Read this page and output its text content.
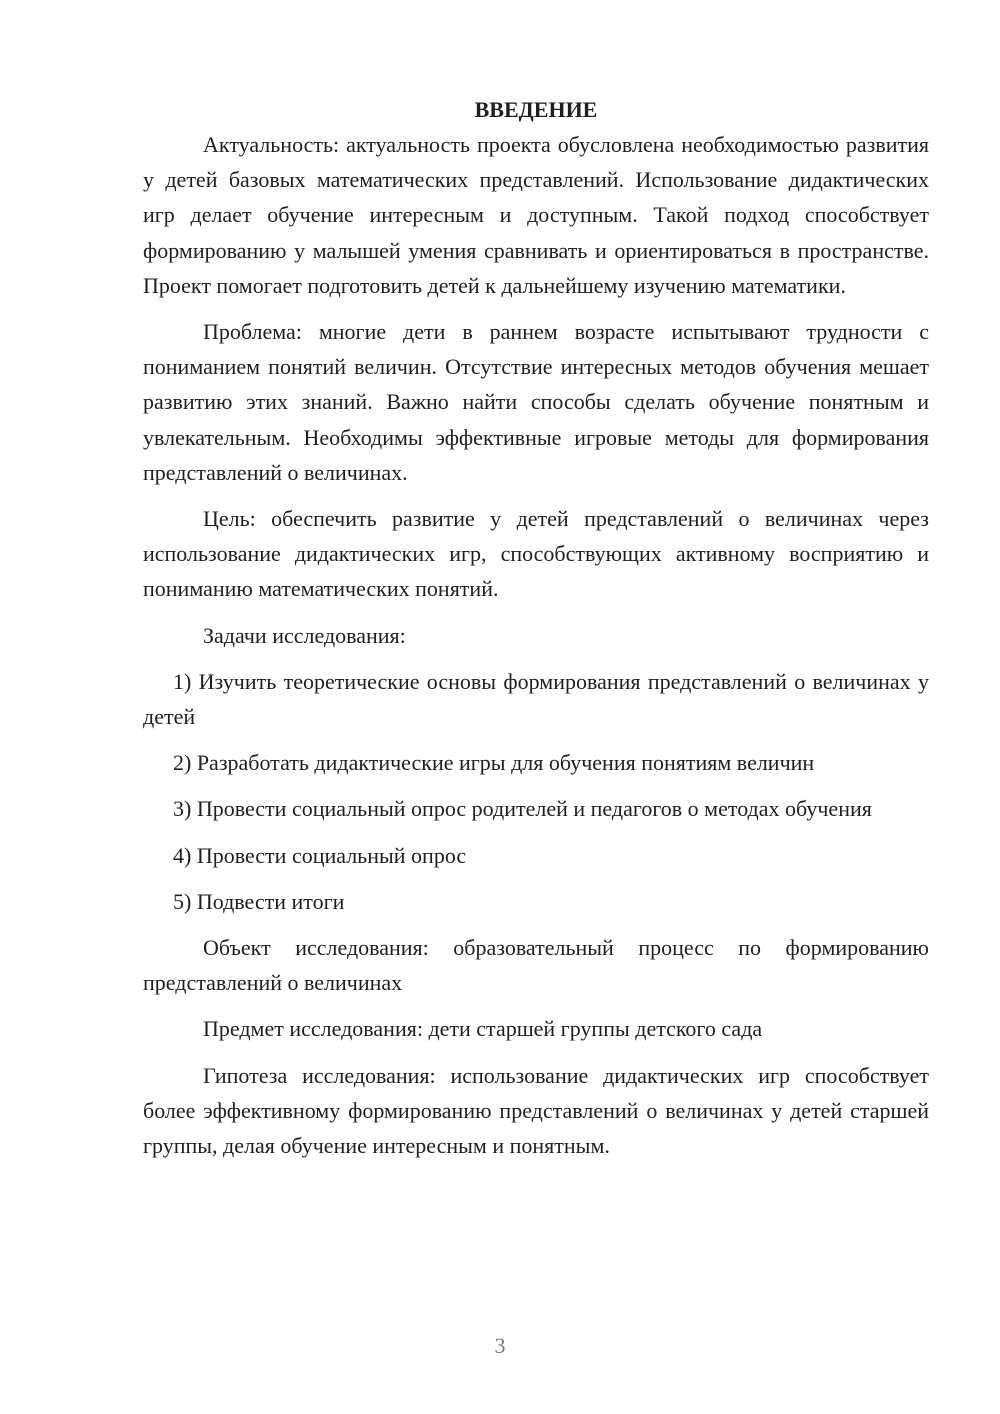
ВВЕДЕНИЕ

Актуальность: актуальность проекта обусловлена необходимостью развития у детей базовых математических представлений. Использование дидактических игр делает обучение интересным и доступным. Такой подход способствует формированию у малышей умения сравнивать и ориентироваться в пространстве. Проект помогает подготовить детей к дальнейшему изучению математики.

Проблема: многие дети в раннем возрасте испытывают трудности с пониманием понятий величин. Отсутствие интересных методов обучения мешает развитию этих знаний. Важно найти способы сделать обучение понятным и увлекательным. Необходимы эффективные игровые методы для формирования представлений о величинах.

Цель: обеспечить развитие у детей представлений о величинах через использование дидактических игр, способствующих активному восприятию и пониманию математических понятий.

Задачи исследования:

1) Изучить теоретические основы формирования представлений о величинах у детей

2) Разработать дидактические игры для обучения понятиям величин

3) Провести социальный опрос родителей и педагогов о методах обучения

4) Провести социальный опрос

5) Подвести итоги

Объект исследования: образовательный процесс по формированию представлений о величинах

Предмет исследования: дети старшей группы детского сада

Гипотеза исследования: использование дидактических игр способствует более эффективному формированию представлений о величинах у детей старшей группы, делая обучение интересным и понятным.

3
